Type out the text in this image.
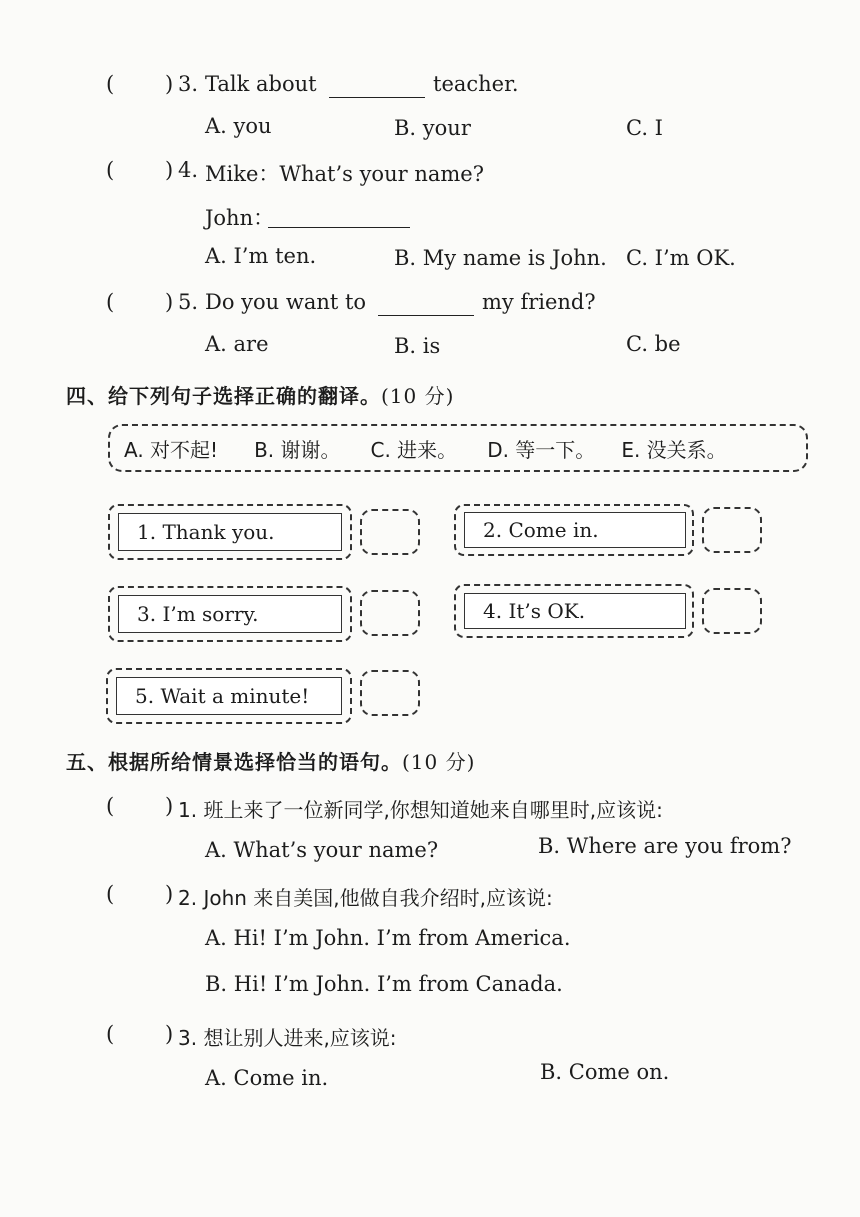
( ) 3. Talk about	teacher.
A. you	B. your	C. I
( ) 4. Mike：What’s your name?
John：
A. I’m ten.	B. My name is John. C. I’m OK.
( ) 5. Do you want to	my friend?
A. are	B. is	C. be
四、给下列句子选择正确的翻译。(10 分)
A. 对不起! B. 谢谢。 C. 进来。 D. 等一下。 E. 没关系。
1. Thank you.	2. Come in.
3. I’m sorry.	4. It’s OK.
5. Wait a minute!
五、根据所给情景选择恰当的语句。(10 分)
( ) 1. 班上来了一位新同学,你想知道她来自哪里时,应该说:
A. What’s your name?	B. Where are you from?
( ) 2. John 来自美国,他做自我介绍时,应该说:
A. Hi! I’m John. I’m from America.
B. Hi! I’m John. I’m from Canada.
( ) 3. 想让别人进来,应该说:
A. Come in.	B. Come on.
